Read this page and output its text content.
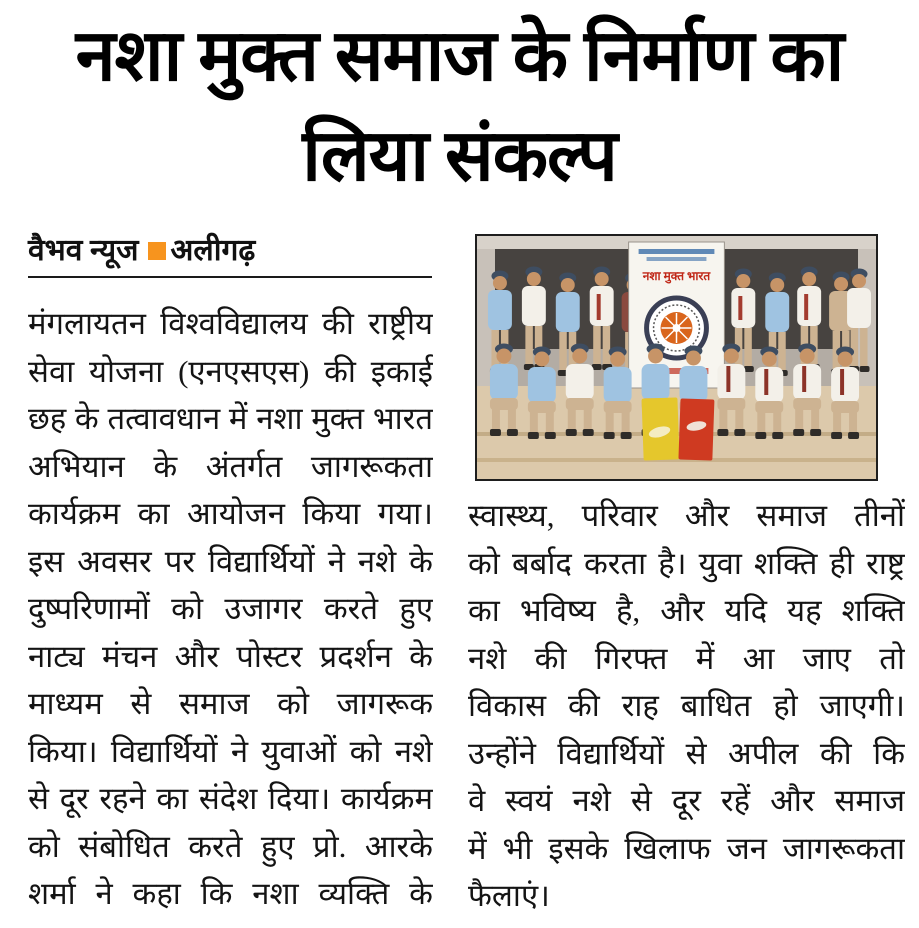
नशा मुक्त समाज के निर्माण का
लिया संकल्प
वैभव न्यूज अलीगढ़
नशा मुक्त भारत
मंगलायतन विश्वविद्यालय की राष्ट्रीय
सेवा योजना (एनएसएस) की इकाई
छह के तत्वावधान में नशा मुक्त भारत
अभियान के अंतर्गत जागरूकता
कार्यक्रम का आयोजन किया गया।
इस अवसर पर विद्यार्थियों ने नशे के
दुष्परिणामों को उजागर करते हुए
नाट्य मंचन और पोस्टर प्रदर्शन के
माध्यम से समाज को जागरूक
किया। विद्यार्थियों ने युवाओं को नशे
से दूर रहने का संदेश दिया। कार्यक्रम
को संबोधित करते हुए प्रो. आरके
शर्मा ने कहा कि नशा व्यक्ति के
स्वास्थ्य, परिवार और समाज तीनों
को बर्बाद करता है। युवा शक्ति ही राष्ट्र
का भविष्य है, और यदि यह शक्ति
नशे की गिरफ्त में आ जाए तो
विकास की राह बाधित हो जाएगी।
उन्होंने विद्यार्थियों से अपील की कि
वे स्वयं नशे से दूर रहें और समाज
में भी इसके खिलाफ जन जागरूकता
फैलाएं।
